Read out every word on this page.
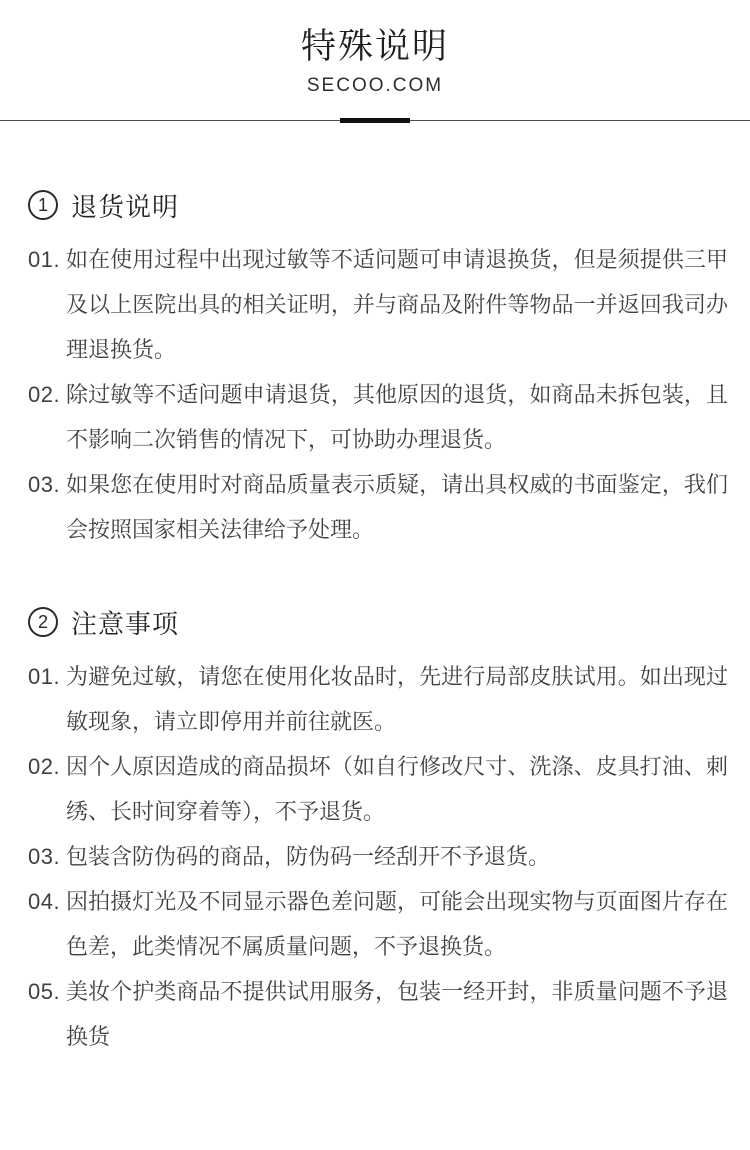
特殊说明
SECOO.COM
1 退货说明
01. 如在使用过程中出现过敏等不适问题可申请退换货，但是须提供三甲及以上医院出具的相关证明，并与商品及附件等物品一并返回我司办理退换货。
02. 除过敏等不适问题申请退货，其他原因的退货，如商品未拆包装，且不影响二次销售的情况下，可协助办理退货。
03. 如果您在使用时对商品质量表示质疑，请出具权威的书面鉴定，我们会按照国家相关法律给予处理。
2 注意事项
01. 为避免过敏，请您在使用化妆品时，先进行局部皮肤试用。如出现过敏现象，请立即停用并前往就医。
02. 因个人原因造成的商品损坏（如自行修改尺寸、洗涤、皮具打油、刺绣、长时间穿着等），不予退货。
03. 包装含防伪码的商品，防伪码一经刮开不予退货。
04. 因拍摄灯光及不同显示器色差问题，可能会出现实物与页面图片存在色差，此类情况不属质量问题，不予退换货。
05. 美妆个护类商品不提供试用服务，包装一经开封，非质量问题不予退换货
